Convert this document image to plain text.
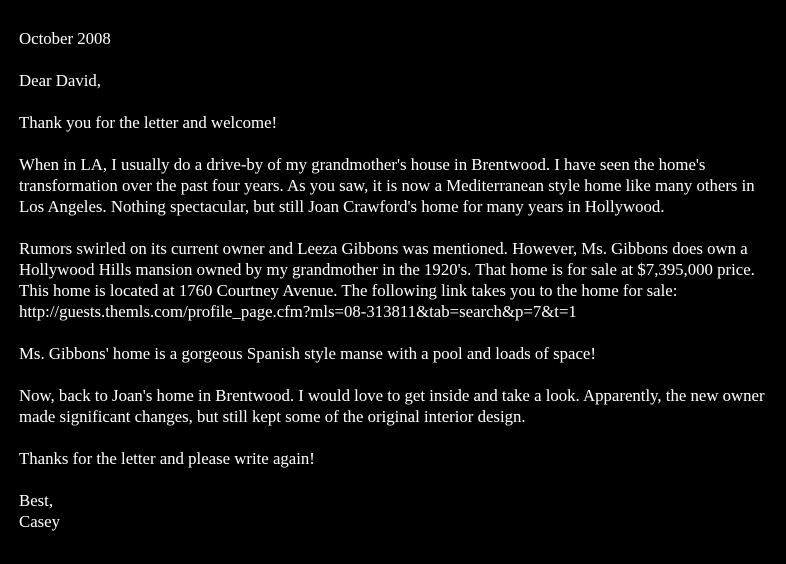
October 2008

Dear David,

Thank you for the letter and welcome!

When in LA, I usually do a drive-by of my grandmother's house in Brentwood. I have seen the home's transformation over the past four years. As you saw, it is now a Mediterranean style home like many others in Los Angeles. Nothing spectacular, but still Joan Crawford's home for many years in Hollywood.

Rumors swirled on its current owner and Leeza Gibbons was mentioned. However, Ms. Gibbons does own a Hollywood Hills mansion owned by my grandmother in the 1920's. That home is for sale at $7,395,000 price. This home is located at 1760 Courtney Avenue. The following link takes you to the home for sale: http://guests.themls.com/profile_page.cfm?mls=08-313811&tab=search&p=7&t=1

Ms. Gibbons' home is a gorgeous Spanish style manse with a pool and loads of space!

Now, back to Joan's home in Brentwood. I would love to get inside and take a look. Apparently, the new owner made significant changes, but still kept some of the original interior design.

Thanks for the letter and please write again!

Best,
Casey
